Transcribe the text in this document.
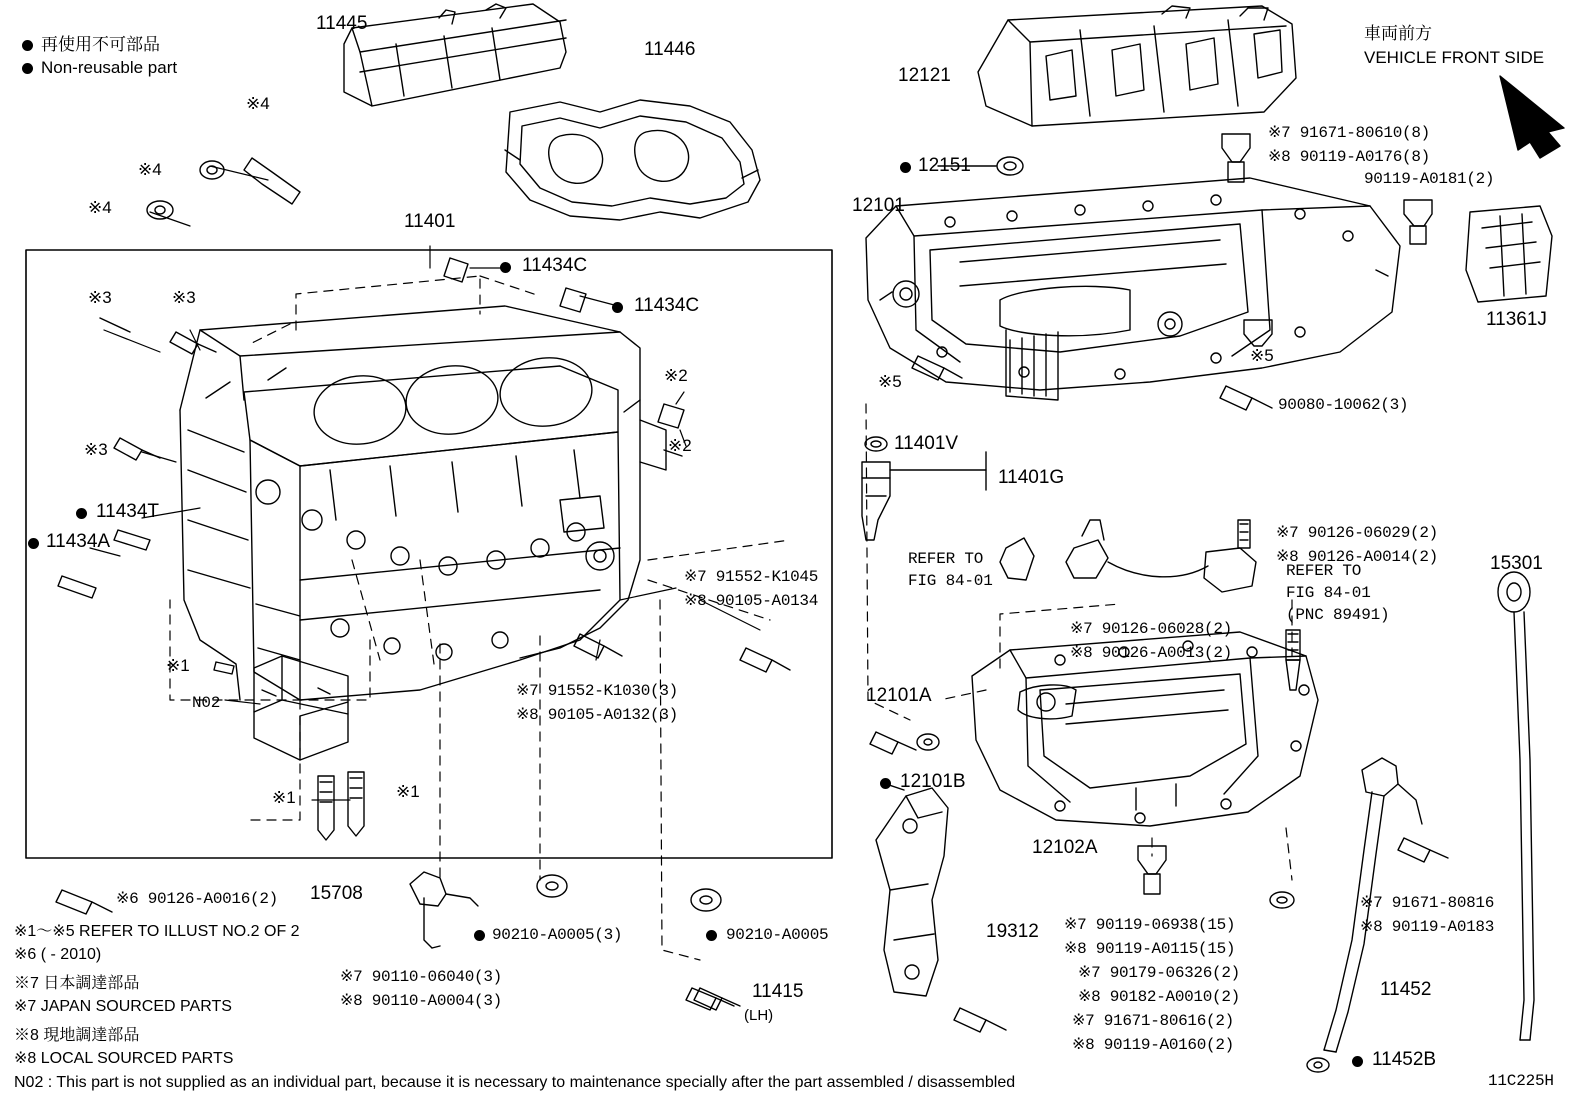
再使用不可部品
Non-reusable part
車両前方
VEHICLE FRONT SIDE
11445
11446
11401
12121
12151
12101
11361J
11434C
11434C
11434T
11434A
11401V
11401G
15301
12101A
12101B
12102A
19312
11452
11452B
11415
(LH)
15708
N02
※4
※4
※4
※3	※3
※3
※2
※2
※1
※1	※1
※5
※5
※7 91671-80610(8)
※8 90119-A0176(8)
90119-A0181(2)
90080-10062(3)
※7 90126-06029(2)
※8 90126-A0014(2)
※7 90126-06028(2)
※8 90126-A0013(2)
※7 91552-K1045
※8 90105-A0134
※7 91552-K1030(3)
※8 90105-A0132(3)
※6 90126-A0016(2)
※7 90110-06040(3)
※8 90110-A0004(3)
90210-A0005(3)	90210-A0005
※7 90119-06938(15)
※8 90119-A0115(15)
※7 90179-06326(2)
※8 90182-A0010(2)
※7 91671-80616(2)
※8 90119-A0160(2)
※7 91671-80816
※8 90119-A0183
REFER TO
FIG 84-01
REFER TO
FIG 84-01
(PNC 89491)
※1～※5 REFER TO ILLUST NO.2 OF 2
※6 ( - 2010)
※7 日本調達部品
※7 JAPAN SOURCED PARTS
※8 現地調達部品
※8 LOCAL SOURCED PARTS
N02 : This part is not supplied as an individual part, because it is necessary to maintenance specially after the part assembled / disassembled	11C225H
